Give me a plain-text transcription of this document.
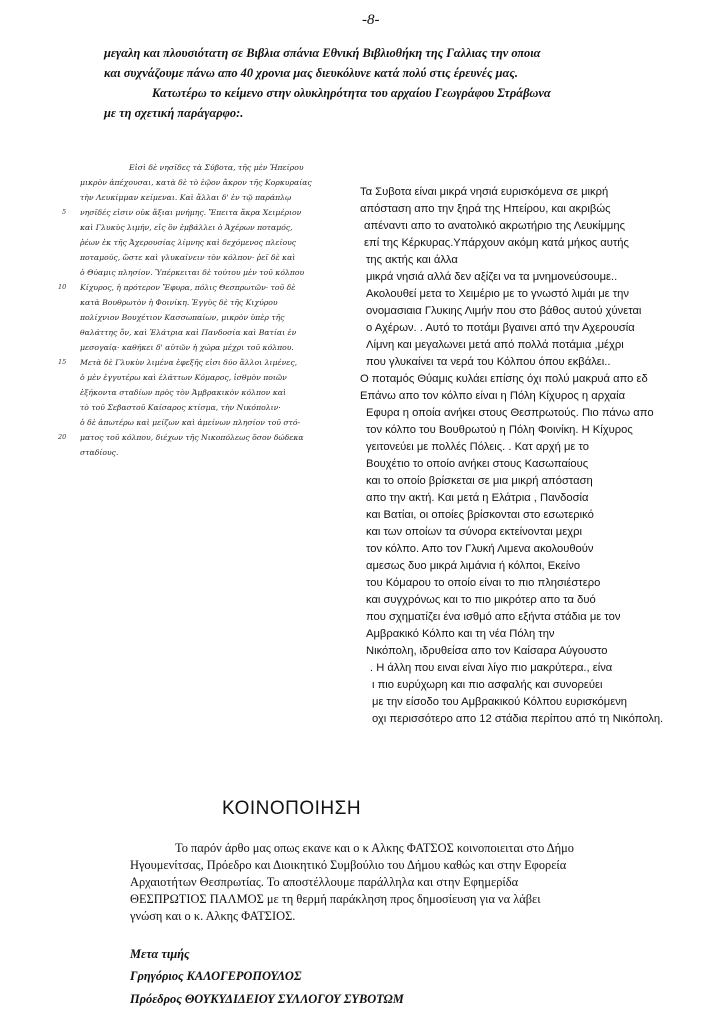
-8-
μεγαλη και πλουσιότατη σε Βιβλια σπάνια Εθνική Βιβλιοθήκη της Γαλλιας την οποια
και συχνάζουμε πάνω απο 40 χρονια μας διευκόλυνε κατά πολύ στις έρευνές μας.
Κατωτέρω το κείμενο στην ολυκληρότητα του αρχαίου Γεωγράφου Στράβωνα
με τη σχετική παράγαρφο:.
Εἰσὶ δὲ νησῖδες τὰ Σύβοτα, τῆς μὲν Ἠπείρου
μικρὸν ἀπέχουσαι, κατὰ δὲ τὸ ἑῷον ἄκρον τῆς Κορκυραίας
τὴν Λευκίμμαν κείμεναι. Καὶ ἄλλαι δ' ἐν τῷ παράπλῳ
νησῖδές εἰσιν οὐκ ἄξιαι μνήμης. Ἔπειτα ἄκρα Χειμέριον
καὶ Γλυκὺς λιμήν, εἰς ὃν ἐμβάλλει ὁ Ἀχέρων ποταμός,
ῥέων ἐκ τῆς Ἀχερουσίας λίμνης καὶ δεχόμενος πλείους
ποταμούς, ὥστε καὶ γλυκαίνειν τὸν κόλπον· ῥεῖ δὲ καὶ
ὁ Θύαμις πλησίον. Ὑπέρκειται δὲ τούτου μὲν τοῦ κόλπου
Κίχυρος, ἡ πρότερον Ἔφυρα, πόλις Θεσπρωτῶν· τοῦ δὲ
κατὰ Βουθρωτὸν ἡ Φοινίκη. Ἐγγὺς δὲ τῆς Κιχύρου
πολίχνιον Βουχέτιον Κασσωπαίων, μικρὸν ὑπὲρ τῆς
θαλάττης ὄν, καὶ Ἐλάτρια καὶ Πανδοσία καὶ Βατίαι ἐν
μεσογαίᾳ· καθήκει δ' αὐτῶν ἡ χώρα μέχρι τοῦ κόλπου.
Μετὰ δὲ Γλυκὺν λιμένα ἐφεξῆς εἰσι δύο ἄλλοι λιμένες,
ὁ μὲν ἐγγυτέρω καὶ ἐλάττων Κόμαρος, ἰσθμὸν ποιῶν
ἑξήκοντα σταδίων πρὸς τὸν Ἀμβρακικὸν κόλπον καὶ
τὸ τοῦ Σεβαστοῦ Καίσαρος κτίσμα, τὴν Νικόπολιν·
ὁ δὲ ἀπωτέρω καὶ μείζων καὶ ἀμείνων πλησίον τοῦ στό-
ματος τοῦ κόλπου, διέχων τῆς Νικοπόλεως ὅσον δώδεκα
σταδίους.
5
10
15
20
Τα Συβοτα είναι μικρά νησιά ευρισκόμενα σε μικρή
απόσταση απο την ξηρά της Ηπείρου, και ακριβώς
απέναντι απο το ανατολικό ακρωτήριο της Λευκίμμης
επί της Κέρκυρας.Υπάρχουν ακόμη κατά μήκος αυτής
της ακτής και άλλα
μικρά νησιά αλλά δεν αξίζει να τα μνημονεύσουμε..
Ακολουθεί μετα το Χειμέριο με το γνωστό λιμάι με την
ονομασιαια Γλυκιης Λιμήν που στο βάθος αυτού χύνεται
ο Αχέρων. . Αυτό το ποτάμι βγαινει από την Αχερουσία
Λίμνη και μεγαλωνει μετά από πολλά ποτάμια ,μέχρι
που γλυκαίνει τα νερά του Κόλπου όπου εκβάλει..
Ο ποταμός Θύαμις κυλάει επίσης όχι πολύ μακρυά απο εδ
Επάνω απο τον κόλπο είναι η Πόλη Κίχυρος η αρχαία
Εφυρα η οποία ανήκει στους Θεσπρωτούς. Πιο πάνω απο
τον κόλπο του Βουθρωτού η Πόλη Φοινίκη. Η Κίχυρος
γειτονεύει με πολλές Πόλεις. . Κατ αρχή με το
Βουχέτιο το οποίο ανήκει στους Κασωπαίους
και το οποίο βρίσκεται σε μια μικρή απόσταση
απο την ακτή. Και μετά η Ελάτρια , Πανδοσία
και Βατίαι, οι οποίες βρίσκονται στο εσωτερικό
και των οποίων τα σύνορα εκτείνονται μεχρι
τον κόλπο. Απο τον Γλυκή Λιμενα ακολουθούν
αμεσως δυο μικρά λιμάνια ή κόλποι, Εκείνο
του Κόμαρου το οποίο είναι το πιο πλησιέστερο
και συγχρόνως και το πιο μικρότερ απο τα δυό
που σχηματίζει ένα ισθμό απο εξήντα στάδια με τον
Αμβρακικό Κόλπο και τη νέα Πόλη την
Νικόπολη, ιδρυθείσα απο τον Καίσαρα Αύγουστο
. Η άλλη που ειναι είναι λίγο πιο μακρύτερα., είνα
ι πιο ευρύχωρη και πιο ασφαλής και συνορεύει
με την είσοδο του Αμβρακικού Κόλπου ευρισκόμενη
οχι περισσότερο απο 12 στάδια περίπου από τη Νικόπολη.
ΚΟΙΝΟΠΟΙΗΣΗ
Το παρόν άρθο μας οπως εκανε και ο κ Αλκης ΦΑΤΣΟΣ κοινοποιειται στο Δήμο
Ηγουμενίτσας, Πρόεδρο και Διοικητικό Συμβούλιο του Δήμου καθώς και στην Εφορεία
Αρχαιοτήτων Θεσπρωτίας. Το αποστέλλουμε παράλληλα και στην Εφημερίδα
ΘΕΣΠΡΩΤΙΟΣ ΠΑΛΜΟΣ με τη θερμή παράκληση προς δημοσίευση για να λάβει
γνώση και ο κ. Αλκης ΦΑΤΣΙΟΣ.
Μετα τιμής
Γρηγόριος ΚΑΛΟΓΕΡΟΠΟΥΛΟΣ
Πρόεδρος ΘΟΥΚΥΔΙΔΕΙΟΥ ΣΥΛΛΟΓΟΥ ΣΥΒΟΤΩΜ
